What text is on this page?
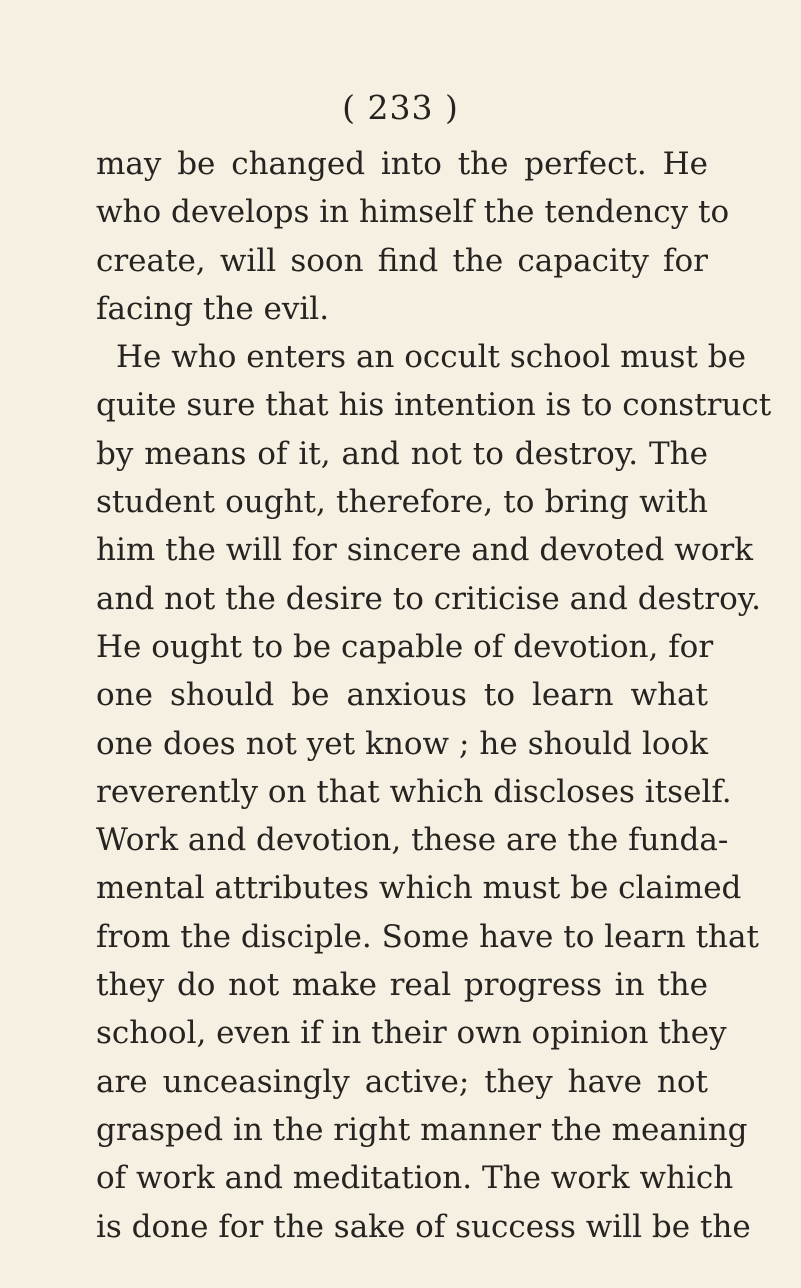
( 233 )

may be changed into the perfect. He
who develops in himself the tendency to
create, will soon find the capacity for
facing the evil.
He who enters an occult school must be
quite sure that his intention is to construct
by means of it, and not to destroy. The
student ought, therefore, to bring with
him the will for sincere and devoted work
and not the desire to criticise and destroy.
He ought to be capable of devotion, for
one should be anxious to learn what
one does not yet know ; he should look
reverently on that which discloses itself.
Work and devotion, these are the funda-
mental attributes which must be claimed
from the disciple. Some have to learn that
they do not make real progress in the
school, even if in their own opinion they
are unceasingly active; they have not
grasped in the right manner the meaning
of work and meditation. The work which
is done for the sake of success will be the
